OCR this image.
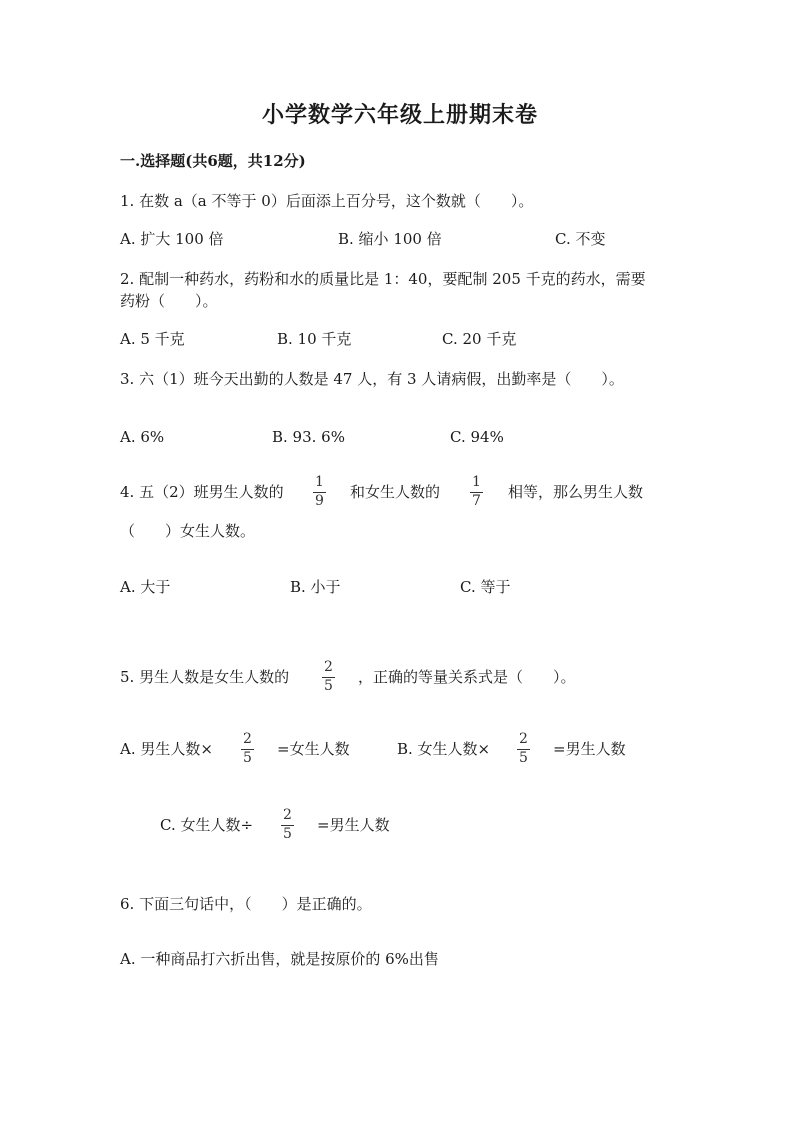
小学数学六年级上册期末卷
一.选择题(共6题，共12分)
1. 在数 a（a 不等于 0）后面添上百分号，这个数就（　　）。
A. 扩大 100 倍	B. 缩小 100 倍	C. 不变
2. 配制一种药水，药粉和水的质量比是 1：40，要配制 205 千克的药水，需要
药粉（　　）。
A. 5 千克	B. 10 千克	C. 20 千克
3. 六（1）班今天出勤的人数是 47 人，有 3 人请病假，出勤率是（　　）。
A. 6%	B. 93. 6%	C. 94%
4. 五（2）班男生人数的
1
9 和女生人数的
1
7 相等，那么男生人数
（　　）女生人数。
A. 大于	B. 小于	C. 等于
5. 男生人数是女生人数的
2
5 ，正确的等量关系式是（　　）。
A. 男生人数×
2
5 =女生人数	B. 女生人数×
2
5 =男生人数
C. 女生人数÷
2
5 =男生人数
6. 下面三句话中，（　　）是正确的。
A. 一种商品打六折出售，就是按原价的 6%出售
